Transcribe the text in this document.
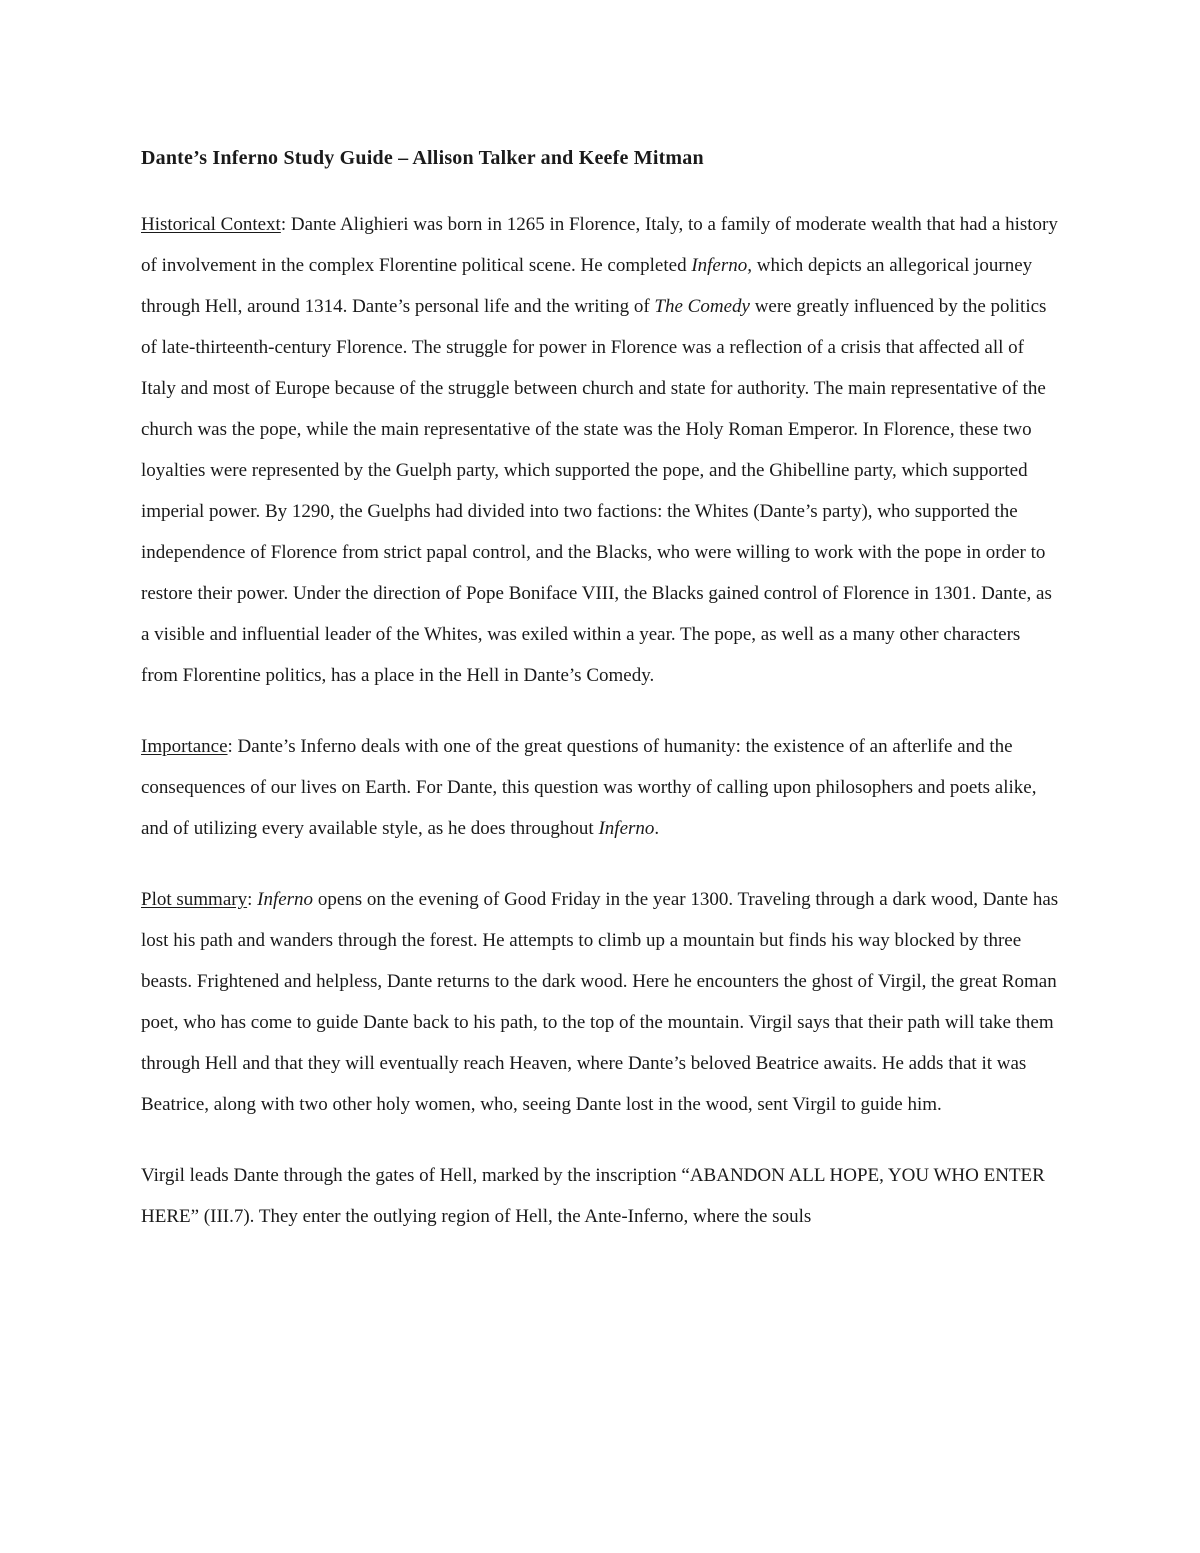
Dante’s Inferno Study Guide – Allison Talker and Keefe Mitman

Historical Context: Dante Alighieri was born in 1265 in Florence, Italy, to a family of moderate wealth that had a history of involvement in the complex Florentine political scene. He completed Inferno, which depicts an allegorical journey through Hell, around 1314. Dante’s personal life and the writing of The Comedy were greatly influenced by the politics of late-thirteenth-century Florence. The struggle for power in Florence was a reflection of a crisis that affected all of Italy and most of Europe because of the struggle between church and state for authority. The main representative of the church was the pope, while the main representative of the state was the Holy Roman Emperor. In Florence, these two loyalties were represented by the Guelph party, which supported the pope, and the Ghibelline party, which supported imperial power. By 1290, the Guelphs had divided into two factions: the Whites (Dante’s party), who supported the independence of Florence from strict papal control, and the Blacks, who were willing to work with the pope in order to restore their power. Under the direction of Pope Boniface VIII, the Blacks gained control of Florence in 1301. Dante, as a visible and influential leader of the Whites, was exiled within a year. The pope, as well as a many other characters from Florentine politics, has a place in the Hell in Dante’s Comedy.

Importance: Dante’s Inferno deals with one of the great questions of humanity: the existence of an afterlife and the consequences of our lives on Earth. For Dante, this question was worthy of calling upon philosophers and poets alike, and of utilizing every available style, as he does throughout Inferno.

Plot summary: Inferno opens on the evening of Good Friday in the year 1300. Traveling through a dark wood, Dante has lost his path and wanders through the forest. He attempts to climb up a mountain but finds his way blocked by three beasts. Frightened and helpless, Dante returns to the dark wood. Here he encounters the ghost of Virgil, the great Roman poet, who has come to guide Dante back to his path, to the top of the mountain. Virgil says that their path will take them through Hell and that they will eventually reach Heaven, where Dante’s beloved Beatrice awaits. He adds that it was Beatrice, along with two other holy women, who, seeing Dante lost in the wood, sent Virgil to guide him.

Virgil leads Dante through the gates of Hell, marked by the inscription “ABANDON ALL HOPE, YOU WHO ENTER HERE” (III.7). They enter the outlying region of Hell, the Ante-Inferno, where the souls
